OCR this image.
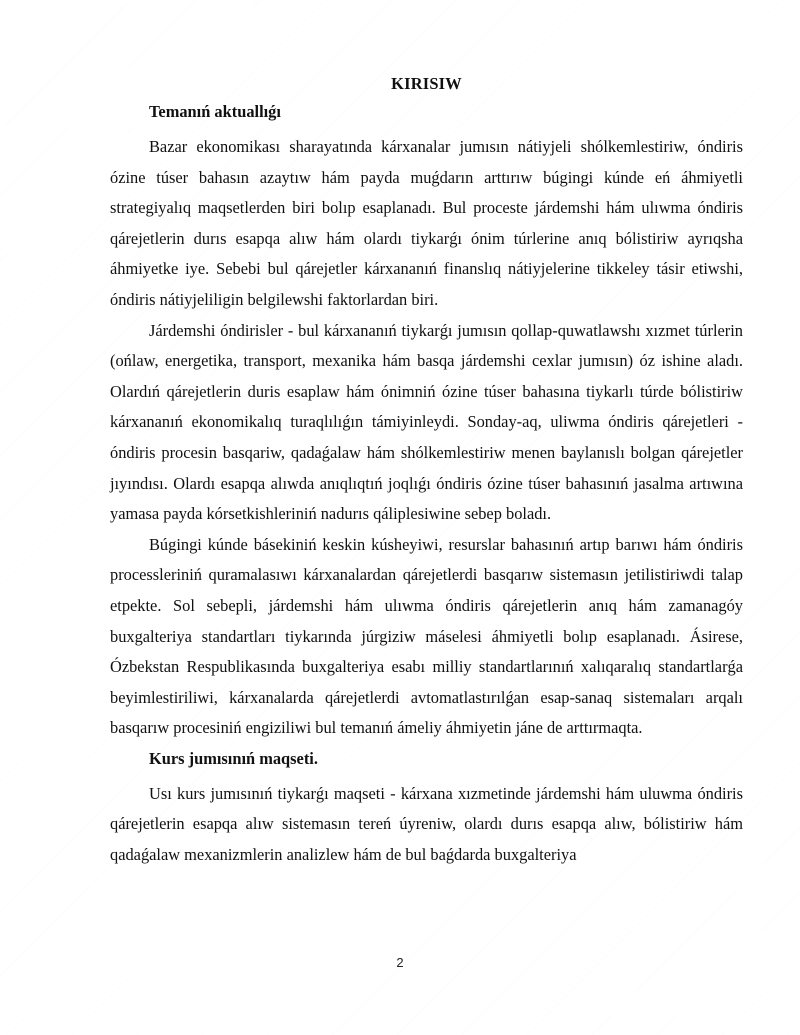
KIRISIW
Temanıń aktuallıǵı

Bazar ekonomikası sharayatında kárxanalar jumısın nátiyjeli shólkemlestiriw, óndiris ózine túser bahasın azaytıw hám payda muǵdarın arttırıw búgingi kúnde eń áhmiyetli strategiyalıq maqsetlerden biri bolıp esaplanadı. Bul proceste járdemshi hám ulıwma óndiris qárejetlerin durıs esapqa alıw hám olardı tiykarǵı ónim túrlerine anıq bólistiriw ayrıqsha áhmiyetke iye. Sebebi bul qárejetler kárxananıń finanslıq nátiyjelerine tikkeley tásir etiwshi, óndiris nátiyjeliligin belgilewshi faktorlardan biri.

Járdemshi óndirisler - bul kárxananıń tiykarǵı jumısın qollap-quwatlawshı xızmet túrlerin (ońlaw, energetika, transport, mexanika hám basqa járdemshi cexlar jumısın) óz ishine aladı. Olardıń qárejetlerin duris esaplaw hám ónimniń ózine túser bahasına tiykarlı túrde bólistiriw kárxananıń ekonomikalıq turaqlılıǵın támiyinleydi. Sonday-aq, uliwma óndiris qárejetleri - óndiris procesin basqariw, qadaǵalaw hám shólkemlestiriw menen baylanıslı bolgan qárejetler jıyındısı. Olardı esapqa alıwda anıqlıqtıń joqlıǵı óndiris ózine túser bahasınıń jasalma artıwına yamasa payda kórsetkishleriniń nadurıs qáliplesiwine sebep boladı.

Búgingi kúnde básekiniń keskin kúsheyiwi, resurslar bahasınıń artıp barıwı hám óndiris processleriniń quramalasıwı kárxanalardan qárejetlerdi basqarıw sistemasın jetilistiriwdi talap etpekte. Sol sebepli, járdemshi hám ulıwma óndiris qárejetlerin anıq hám zamanagóy buxgalteriya standartları tiykarında júrgiziw máselesi áhmiyetli bolıp esaplanadı. Ásirese, Ózbekstan Respublikasında buxgalteriya esabı milliy standartlarınıń xalıqaralıq standartlarǵa beyimlestiriliwi, kárxanalarda qárejetlerdi avtomatlastırılǵan esap-sanaq sistemaları arqalı basqarıw procesiniń engiziliwi bul temanıń ámeliy áhmiyetin jáne de arttırmaqta.

Kurs jumısınıń maqseti.

Usı kurs jumısınıń tiykarǵı maqseti - kárxana xızmetinde járdemshi hám uluwma óndiris qárejetlerin esapqa alıw sistemasın tereń úyreniw, olardı durıs esapqa alıw, bólistiriw hám qadaǵalaw mexanizmlerin analizlew hám de bul baǵdarda buxgalteriya

2
